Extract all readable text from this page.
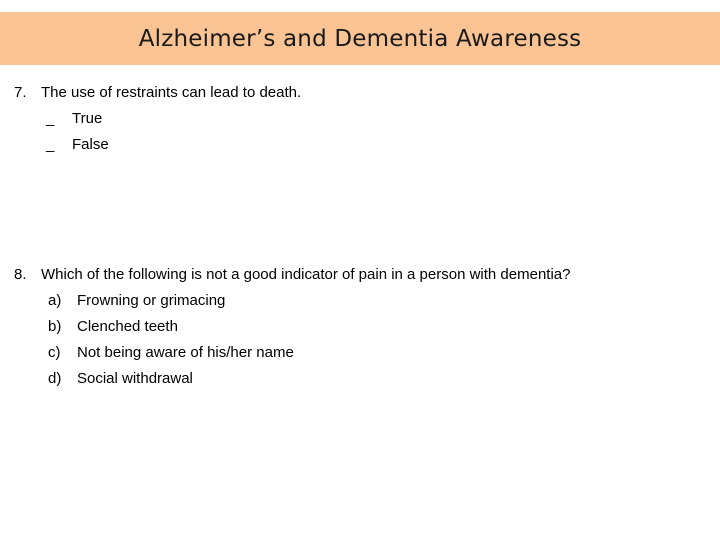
Alzheimer’s and Dementia Awareness
7. The use of restraints can lead to death.
_ True
_ False
8. Which of the following is not a good indicator of pain in a person with dementia?
a) Frowning or grimacing
b) Clenched teeth
c) Not being aware of his/her name
d) Social withdrawal
